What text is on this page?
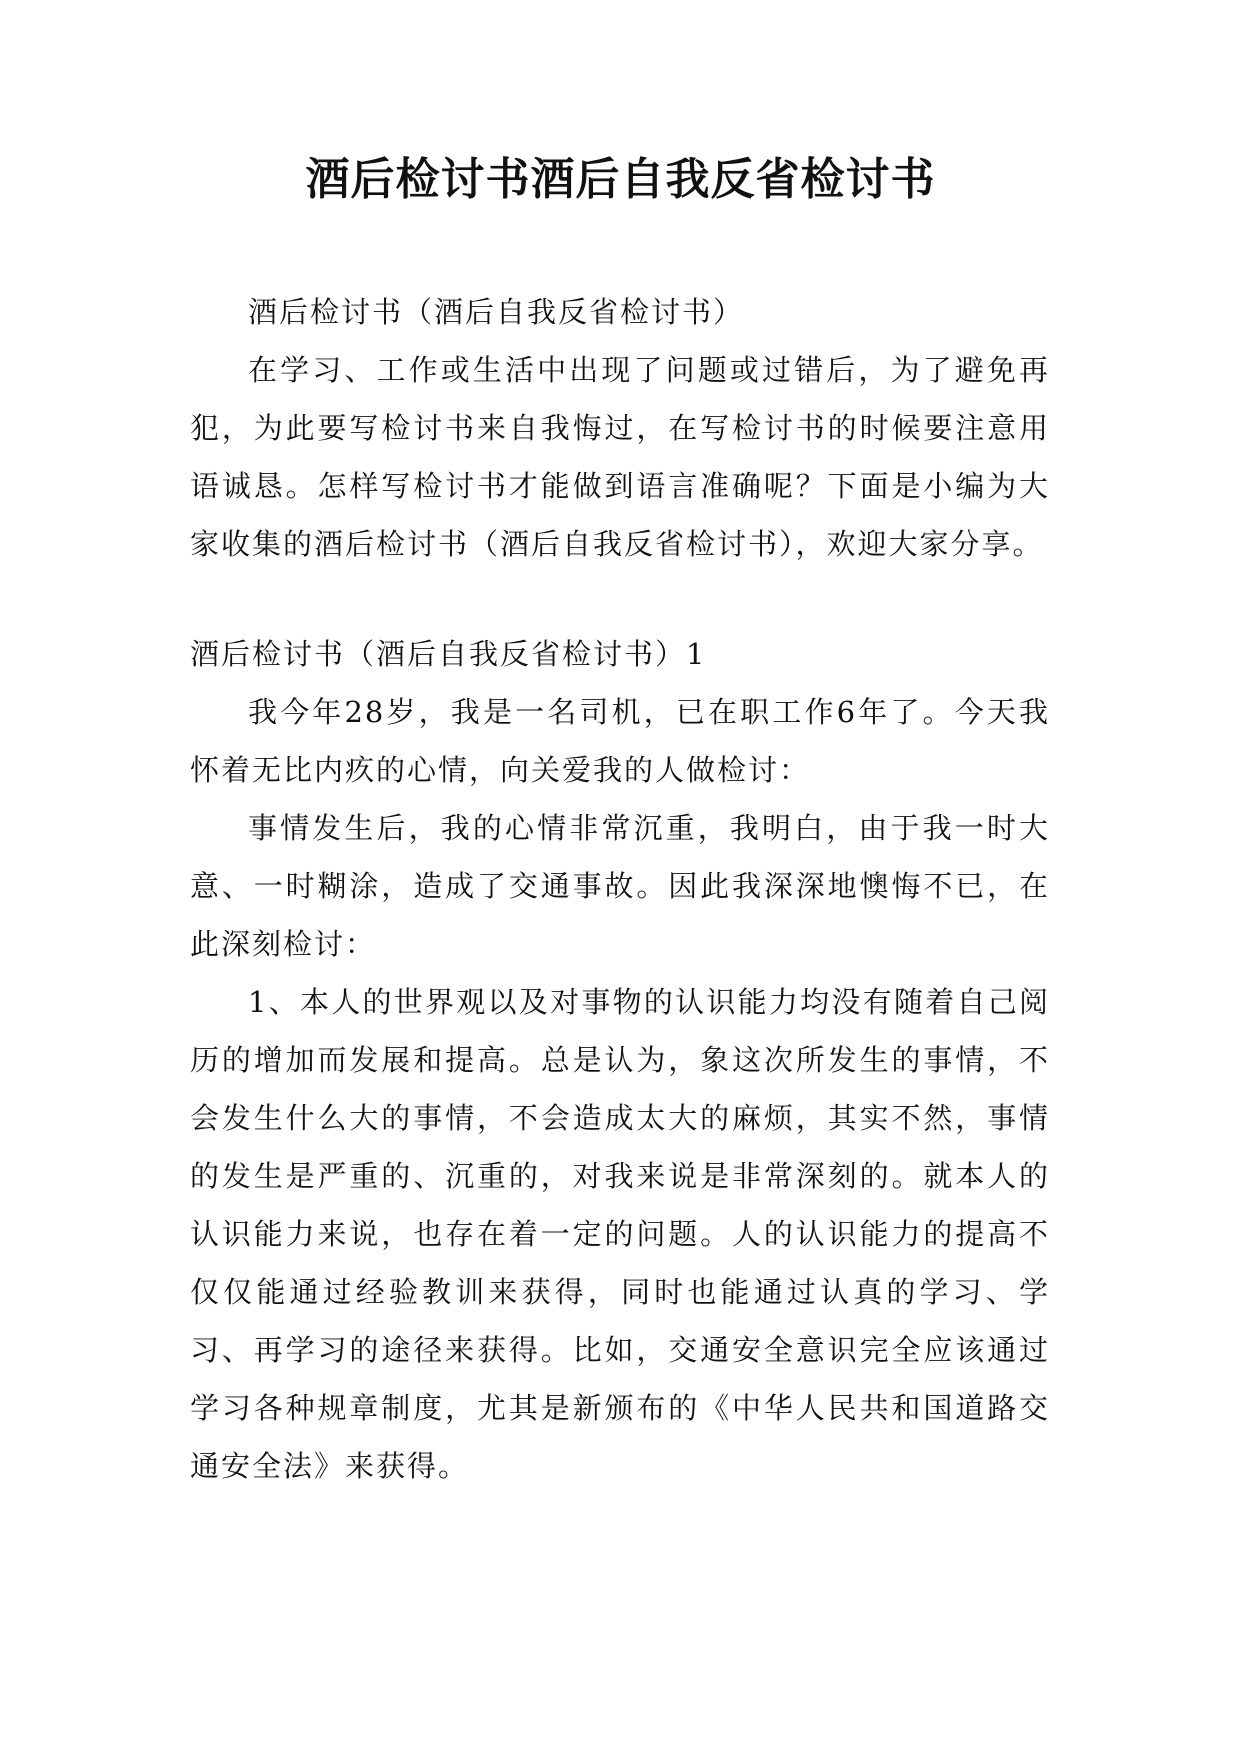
酒后检讨书酒后自我反省检讨书

酒后检讨书（酒后自我反省检讨书）

在学习、工作或生活中出现了问题或过错后，为了避免再犯，为此要写检讨书来自我悔过，在写检讨书的时候要注意用语诚恳。怎样写检讨书才能做到语言准确呢？下面是小编为大家收集的酒后检讨书（酒后自我反省检讨书），欢迎大家分享。

酒后检讨书（酒后自我反省检讨书）1

我今年28岁，我是一名司机，已在职工作6年了。今天我怀着无比内疚的心情，向关爱我的人做检讨：

事情发生后，我的心情非常沉重，我明白，由于我一时大意、一时糊涂，造成了交通事故。因此我深深地懊悔不已，在此深刻检讨：

1、本人的世界观以及对事物的认识能力均没有随着自己阅历的增加而发展和提高。总是认为，象这次所发生的事情，不会发生什么大的事情，不会造成太大的麻烦，其实不然，事情的发生是严重的、沉重的，对我来说是非常深刻的。就本人的认识能力来说，也存在着一定的问题。人的认识能力的提高不仅仅能通过经验教训来获得，同时也能通过认真的学习、学习、再学习的途径来获得。比如，交通安全意识完全应该通过学习各种规章制度，尤其是新颁布的《中华人民共和国道路交通安全法》来获得。
